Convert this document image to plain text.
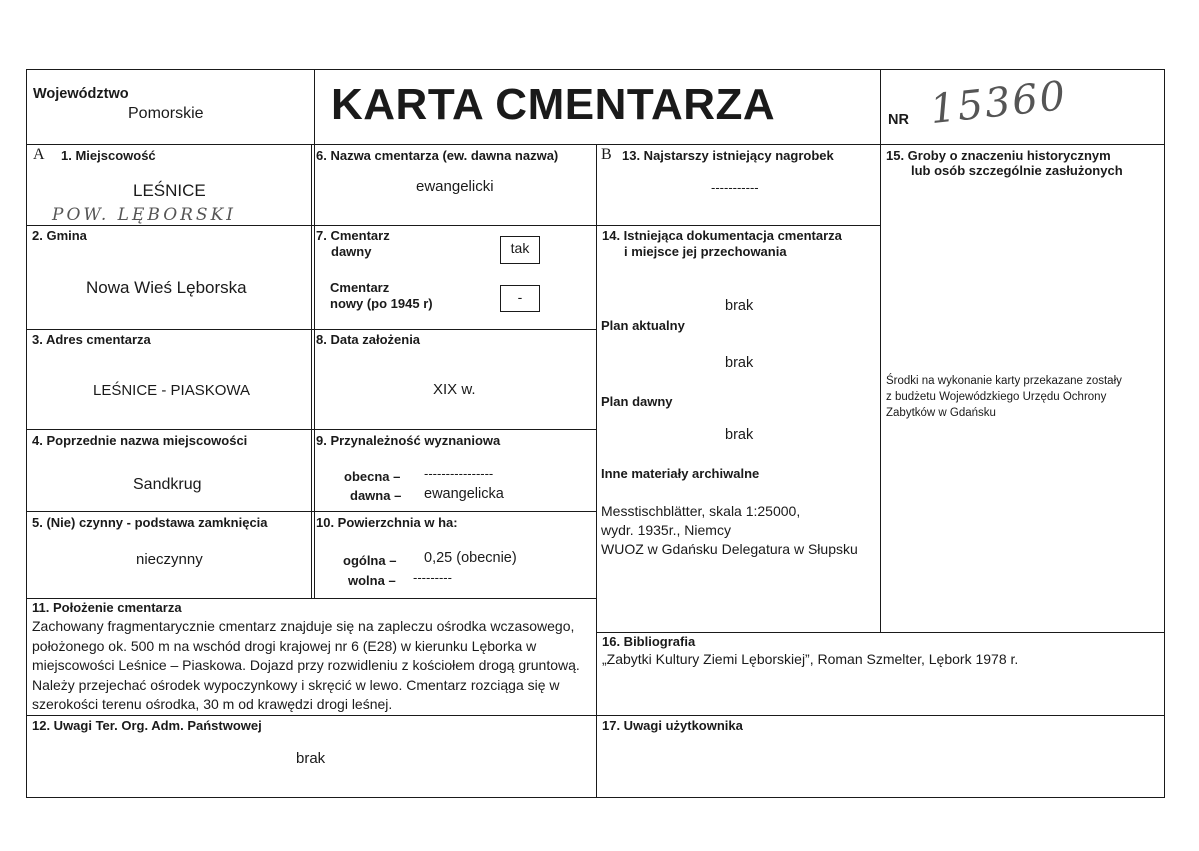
Województwo
Pomorskie	KARTA CMENTARZA	NR 15360
A	B
1. Miejscowość
LEŚNICE
POW. LĘBORSKI
2. Gmina
Nowa Wieś Lęborska
3. Adres cmentarza
LEŚNICE - PIASKOWA
4. Poprzednie nazwa miejscowości
Sandkrug
5. (Nie) czynny - podstawa zamknięcia
nieczynny
6. Nazwa cmentarza (ew. dawna nazwa)
ewangelicki
7. Cmentarz
dawny	tak
Cmentarz
nowy (po 1945 r)	-
8. Data założenia
XIX w.
9. Przynależność wyznaniowa
obecna – ----------------
dawna – ewangelicka
10. Powierzchnia w ha:
ogólna – 0,25 (obecnie)
wolna – ---------
11. Położenie cmentarza
Zachowany fragmentarycznie cmentarz znajduje się na zapleczu ośrodka wczasowego,
położonego ok. 500 m na wschód drogi krajowej nr 6 (E28) w kierunku Lęborka w
miejscowości Leśnice – Piaskowa. Dojazd przy rozwidleniu z kościołem drogą gruntową.
Należy przejechać ośrodek wypoczynkowy i skręcić w lewo. Cmentarz rozciąga się w
szerokości terenu ośrodka, 30 m od krawędzi drogi leśnej.
12. Uwagi Ter. Org. Adm. Państwowej
brak
13. Najstarszy istniejący nagrobek
-----------
14. Istniejąca dokumentacja cmentarza
i miejsce jej przechowania
brak
Plan aktualny
brak
Plan dawny
brak
Inne materiały archiwalne
Messtischblätter, skala 1:25000,
wydr. 1935r., Niemcy
WUOZ w Gdańsku Delegatura w Słupsku
15. Groby o znaczeniu historycznym
lub osób szczególnie zasłużonych
Środki na wykonanie karty przekazane zostały
z budżetu Wojewódzkiego Urzędu Ochrony
Zabytków w Gdańsku
16. Bibliografia
„Zabytki Kultury Ziemi Lęborskiej”, Roman Szmelter, Lębork 1978 r.
17. Uwagi użytkownika
